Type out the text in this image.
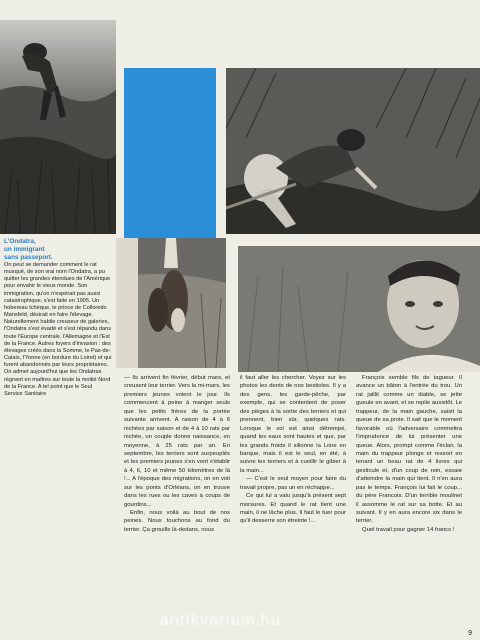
L'Ondatra,
un immigrant
sans passeport.

On peut se demander comment le rat musqué, de son vrai nom l'Ondatra, a pu quitter les grandes étendues de l'Amérique pour envahir le vieux monde. Son immigration, qu'on n'espérait pas aussi catastrophique, s'est faite en 1905. Un hobereau tchèque, le prince de Colloredo Mansfeld, désirait en faire l'élevage. Naturellement habile creuseur de galeries, l'Ondatra s'est évadé et s'est répandu dans toute l'Europe centrale, l'Allemagne et l'Est de la France. Autres foyers d'invasion : des élevages créés dans la Somme, le Pas-de-Calais, l'Yonne (en bordure du Loiret) et qui furent abandonnés par leurs propriétaires. On admet aujourd'hui que les Ondatras règnent en maîtres sur toute la moitié Nord de la France. A tel point que le Seul Service Sanitaire

— Ils arrivent fin février, début mars, et creusent leur terrier. Vers la mi-mars, les premiers jeunes voient le jour. Ils commencent à peine à manger seuls que les petits frères de la portée suivante arrivent. A raison de 4 à 6 nichées par saison et de 4 à 10 rats par nichée, un couple donne naissance, en moyenne, à 25 rats par an. En septembre, les terriers sont surpeuplés et les premiers jeunes s'en vont s'établir à 4, 6, 10 et même 50 kilomètres de là !... A l'époque des migrations, on en voit sur les ponts d'Orléans, on en trouve dans les rues ou les caves à coups de gourdins...

Enfin, nous voilà au bout de nos peines. Nous touchons au fond du terrier. Ça grouille là-dedans, nous

il faut aller les chercher. Voyez sur les photos les dents de nos bestioles. Il y a des gens, les garde-pêche, par exemple, qui se contentent de poser des pièges à la sortie des terriers et qui prennent, bien sûr, quelques rats. Lorsque le sol est ainsi détrempé, quand les eaux sont hautes et que, par les grands froids il sillonne la Loire en barque, mais il est le seul, en été, à suivre les terriers et à cueillir le gibier à la main...

— C'est le seul moyen pour faire du travail propre, pas un en réchappe...

Ce qui lui a valu jusqu'à présent sept morsures. Et quand le rat tient une main, il ne lâche plus. Il faut le tuer pour qu'il desserre son étreinte !...

François semble fils de tagueur. Il avance un bâton à l'entrée du trou. Un rat jaillit comme un diable, se jette gueule en avant, et se replie aussitôt. Le trappeur, de la main gauche, saisit la queue de sa proie. Il sait que le moment favorable où l'adversaire commettra l'imprudence de lui présenter une queue. Alors, prompt comme l'éclair, la main du trappeur plonge et ressort en tenant un beau rat de 4 livres qui gesticule et, d'un coup de rein, essaie d'atteindre la main qui tient. Il n'en aura pas le temps. François lui fait le coup... du père Francois. D'un terrible moulinet il assomme le rat sur sa botte. Et au suivant. Il y en aura encore six dans le terrier.

Quel travail pour gagner 14 francs !

antikvarium.hu
9
